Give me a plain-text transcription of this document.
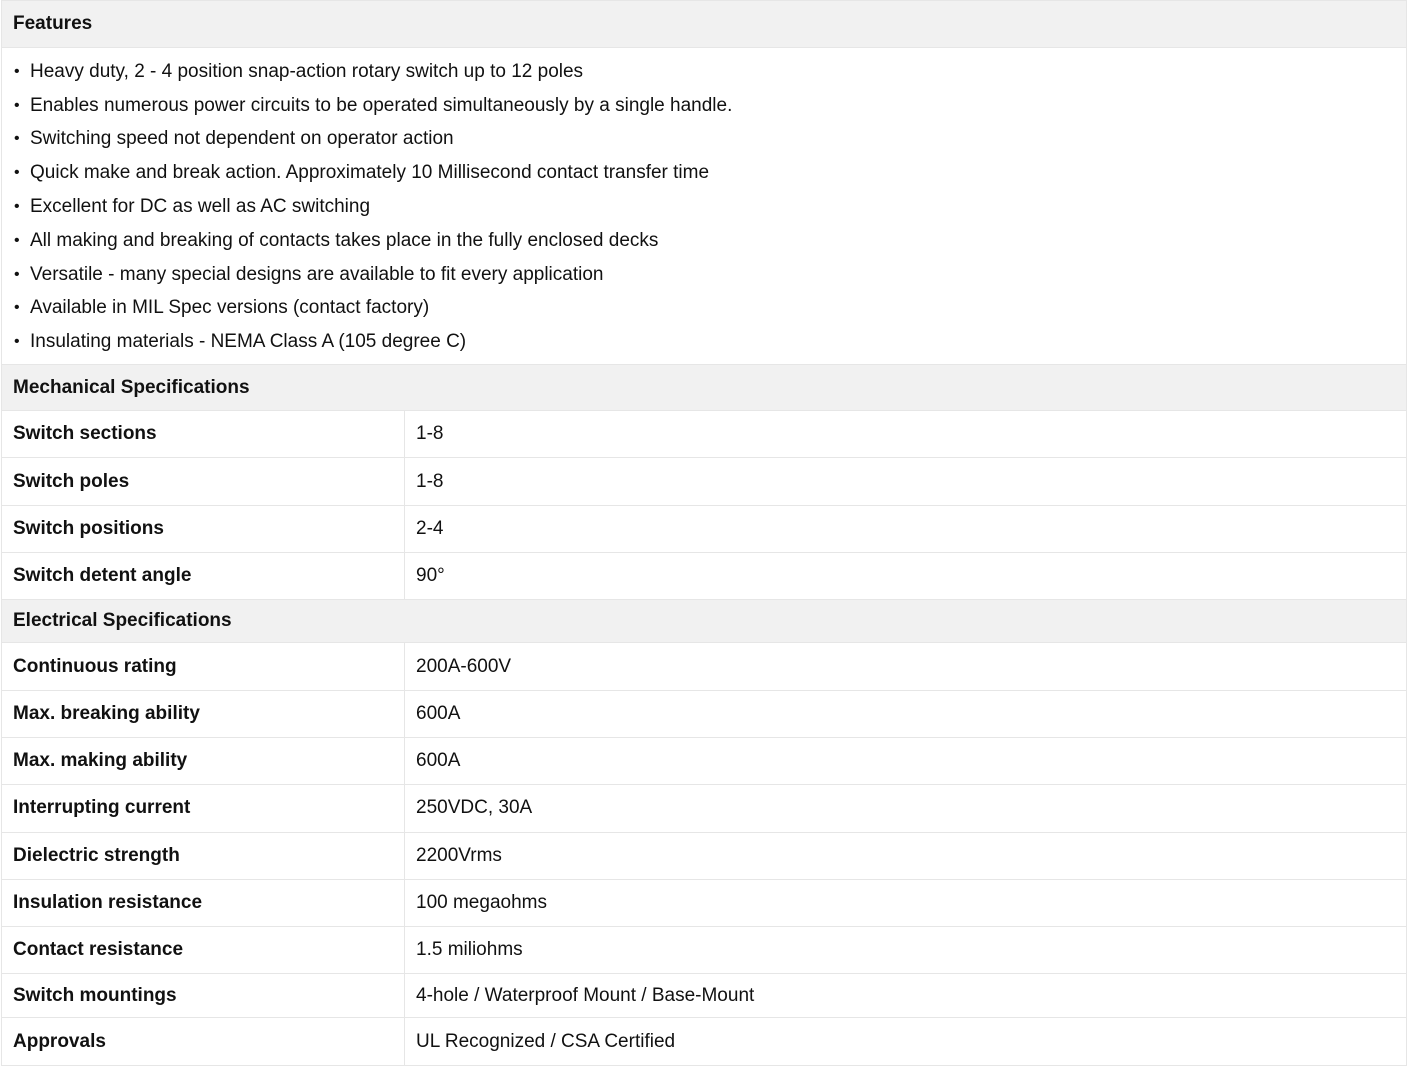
Features
• Heavy duty, 2 - 4 position snap-action rotary switch up to 12 poles
• Enables numerous power circuits to be operated simultaneously by a single handle.
• Switching speed not dependent on operator action
• Quick make and break action. Approximately 10 Millisecond contact transfer time
• Excellent for DC as well as AC switching
• All making and breaking of contacts takes place in the fully enclosed decks
• Versatile - many special designs are available to fit every application
• Available in MIL Spec versions (contact factory)
• Insulating materials - NEMA Class A (105 degree C)
Mechanical Specifications
Switch sections	1-8
Switch poles	1-8
Switch positions	2-4
Switch detent angle	90°
Electrical Specifications
Continuous rating	200A-600V
Max. breaking ability	600A
Max. making ability	600A
Interrupting current	250VDC, 30A
Dielectric strength	2200Vrms
Insulation resistance	100 megaohms
Contact resistance	1.5 miliohms
Switch mountings	4-hole / Waterproof Mount / Base-Mount
Approvals	UL Recognized / CSA Certified
